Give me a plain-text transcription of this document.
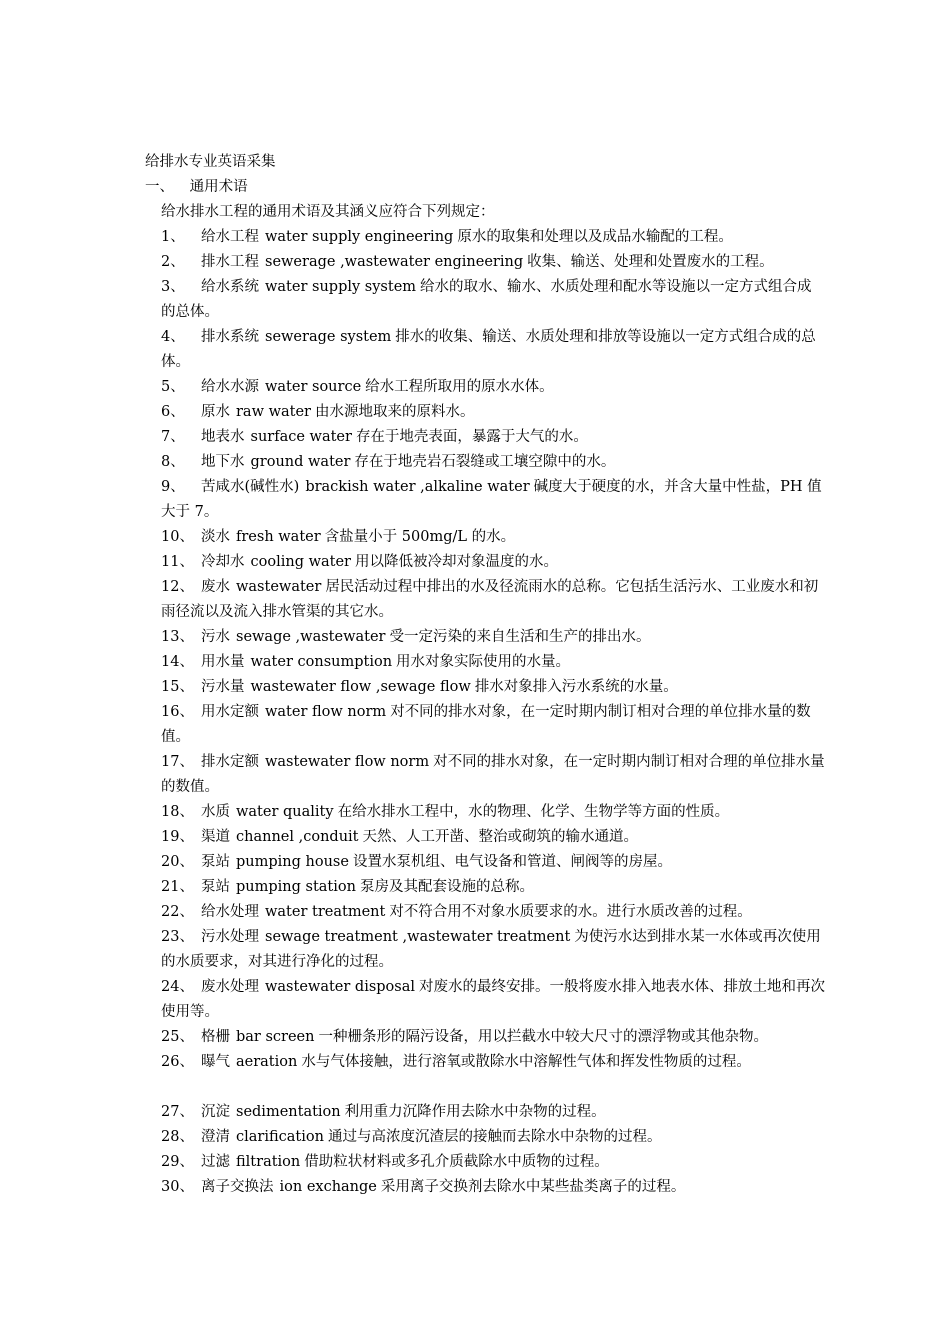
给排水专业英语采集
一、 通用术语
给水排水工程的通用术语及其涵义应符合下列规定：
1、 给水工程 water supply engineering 原水的取集和处理以及成品水输配的工程。
2、 排水工程 sewerage ,wastewater engineering 收集、输送、处理和处置废水的工程。
3、 给水系统 water supply system 给水的取水、输水、水质处理和配水等设施以一定方式组合成的总体。
4、 排水系统 sewerage system 排水的收集、输送、水质处理和排放等设施以一定方式组合成的总体。
5、 给水水源 water source 给水工程所取用的原水水体。
6、 原水 raw water 由水源地取来的原料水。
7、 地表水 surface water 存在于地壳表面，暴露于大气的水。
8、 地下水 ground water 存在于地壳岩石裂缝或工壤空隙中的水。
9、 苦咸水(碱性水) brackish water ,alkaline water 碱度大于硬度的水，并含大量中性盐，PH 值大于 7。
10、 淡水 fresh water 含盐量小于 500mg/L 的水。
11、 冷却水 cooling water 用以降低被冷却对象温度的水。
12、 废水 wastewater 居民活动过程中排出的水及径流雨水的总称。它包括生活污水、工业废水和初雨径流以及流入排水管渠的其它水。
13、 污水 sewage ,wastewater 受一定污染的来自生活和生产的排出水。
14、 用水量 water consumption 用水对象实际使用的水量。
15、 污水量 wastewater flow ,sewage flow 排水对象排入污水系统的水量。
16、 用水定额 water flow norm 对不同的排水对象，在一定时期内制订相对合理的单位排水量的数值。
17、 排水定额 wastewater flow norm 对不同的排水对象，在一定时期内制订相对合理的单位排水量的数值。
18、 水质 water quality 在给水排水工程中，水的物理、化学、生物学等方面的性质。
19、 渠道 channel ,conduit 天然、人工开凿、整治或砌筑的输水通道。
20、 泵站 pumping house 设置水泵机组、电气设备和管道、闸阀等的房屋。
21、 泵站 pumping station 泵房及其配套设施的总称。
22、 给水处理 water treatment 对不符合用不对象水质要求的水。进行水质改善的过程。
23、 污水处理 sewage treatment ,wastewater treatment 为使污水达到排水某一水体或再次使用的水质要求，对其进行净化的过程。
24、 废水处理 wastewater disposal 对废水的最终安排。一般将废水排入地表水体、排放土地和再次使用等。
25、 格栅 bar screen 一种栅条形的隔污设备，用以拦截水中较大尺寸的漂浮物或其他杂物。
26、 曝气 aeration 水与气体接触，进行溶氧或散除水中溶解性气体和挥发性物质的过程。
27、 沉淀 sedimentation 利用重力沉降作用去除水中杂物的过程。
28、 澄清 clarification 通过与高浓度沉渣层的接触而去除水中杂物的过程。
29、 过滤 filtration 借助粒状材料或多孔介质截除水中质物的过程。
30、 离子交换法 ion exchange 采用离子交换剂去除水中某些盐类离子的过程。
